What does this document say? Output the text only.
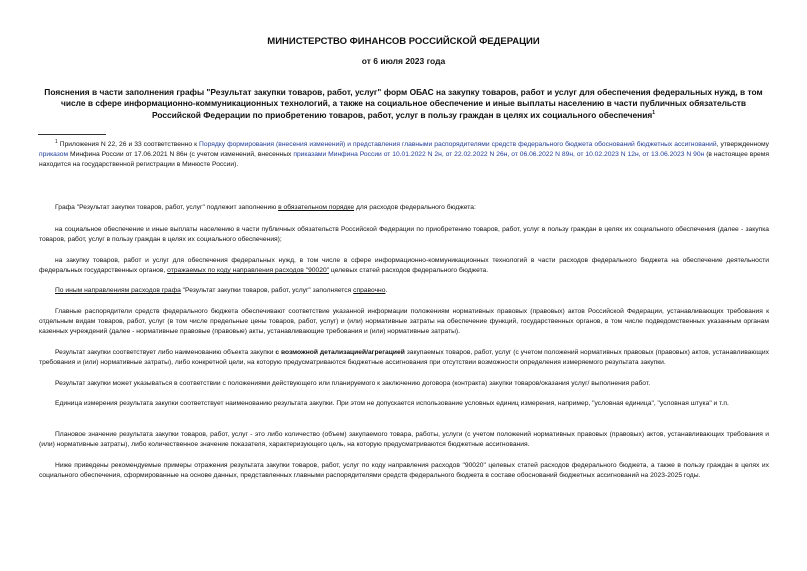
МИНИСТЕРСТВО ФИНАНСОВ РОССИЙСКОЙ ФЕДЕРАЦИИ
от 6 июля 2023 года
Пояснения в части заполнения графы "Результат закупки товаров, работ, услуг" форм ОБАС на закупку товаров, работ и услуг для обеспечения федеральных нужд, в том числе в сфере информационно-коммуникационных технологий, а также на социальное обеспечение и иные выплаты населению в части публичных обязательств Российской Федерации по приобретению товаров, работ, услуг в пользу граждан в целях их социального обеспечения$^1$
$^1$ Приложения N 22, 26 и 33 соответственно к Порядку формирования (внесения изменений) и представления главными распорядителями средств федерального бюджета обоснований бюджетных ассигнований, утвержденному приказом Минфина России от 17.06.2021 N 86н (с учетом изменений, внесенных приказами Минфина России от 10.01.2022 N 2н, от 22.02.2022 N 26н, от 06.06.2022 N 89н, от 10.02.2023 N 12н, от 13.06.2023 N 90н (в настоящее время находится на государственной регистрации в Минюсте России).
Графа "Результат закупки товаров, работ, услуг" подлежит заполнению в обязательном порядке для расходов федерального бюджета:
на социальное обеспечение и иные выплаты населению в части публичных обязательств Российской Федерации по приобретению товаров, работ, услуг в пользу граждан в целях их социального обеспечения (далее - закупка товаров, работ, услуг в пользу граждан в целях их социального обеспечения);
на закупку товаров, работ и услуг для обеспечения федеральных нужд, в том числе в сфере информационно-коммуникационных технологий в части расходов федерального бюджета на обеспечение деятельности федеральных государственных органов, отражаемых по коду направления расходов "90020" целевых статей расходов федерального бюджета.
По иным направлениям расходов графа "Результат закупки товаров, работ, услуг" заполняется справочно.
Главные распорядители средств федерального бюджета обеспечивают соответствие указанной информации положениям нормативных правовых (правовых) актов Российской Федерации, устанавливающих требования к отдельным видам товаров, работ, услуг (в том числе предельные цены товаров, работ, услуг) и (или) нормативные затраты на обеспечение функций, государственных органов, в том числе подведомственных указанным органам казенных учреждений (далее - нормативные правовые (правовые) акты, устанавливающие требования и (или) нормативные затраты).
Результат закупки соответствует либо наименованию объекта закупки с возможной детализацией/агрегацией закупаемых товаров, работ, услуг (с учетом положений нормативных правовых (правовых) актов, устанавливающих требования и (или) нормативные затраты), либо конкретной цели, на которую предусматриваются бюджетные ассигнования при отсутствии возможности определения измеряемого результата закупки.
Результат закупки может указываться в соответствии с положениями действующего или планируемого к заключению договора (контракта) закупки товаров/оказания услуг/ выполнения работ.
Единица измерения результата закупки соответствует наименованию результата закупки. При этом не допускается использование условных единиц измерения, например, "условная единица", "условная штука" и т.п.
Плановое значение результата закупки товаров, работ, услуг - это либо количество (объем) закупаемого товара, работы, услуги (с учетом положений нормативных правовых (правовых) актов, устанавливающих требования и (или) нормативные затраты), либо количественное значение показателя, характеризующего цель, на которую предусматриваются бюджетные ассигнования.
Ниже приведены рекомендуемые примеры отражения результата закупки товаров, работ, услуг по коду направления расходов "90020" целевых статей расходов федерального бюджета, а также в пользу граждан в целях их социального обеспечения, сформированные на основе данных, представленных главными распорядителями средств федерального бюджета в составе обоснований бюджетных ассигнований на 2023-2025 годы.
